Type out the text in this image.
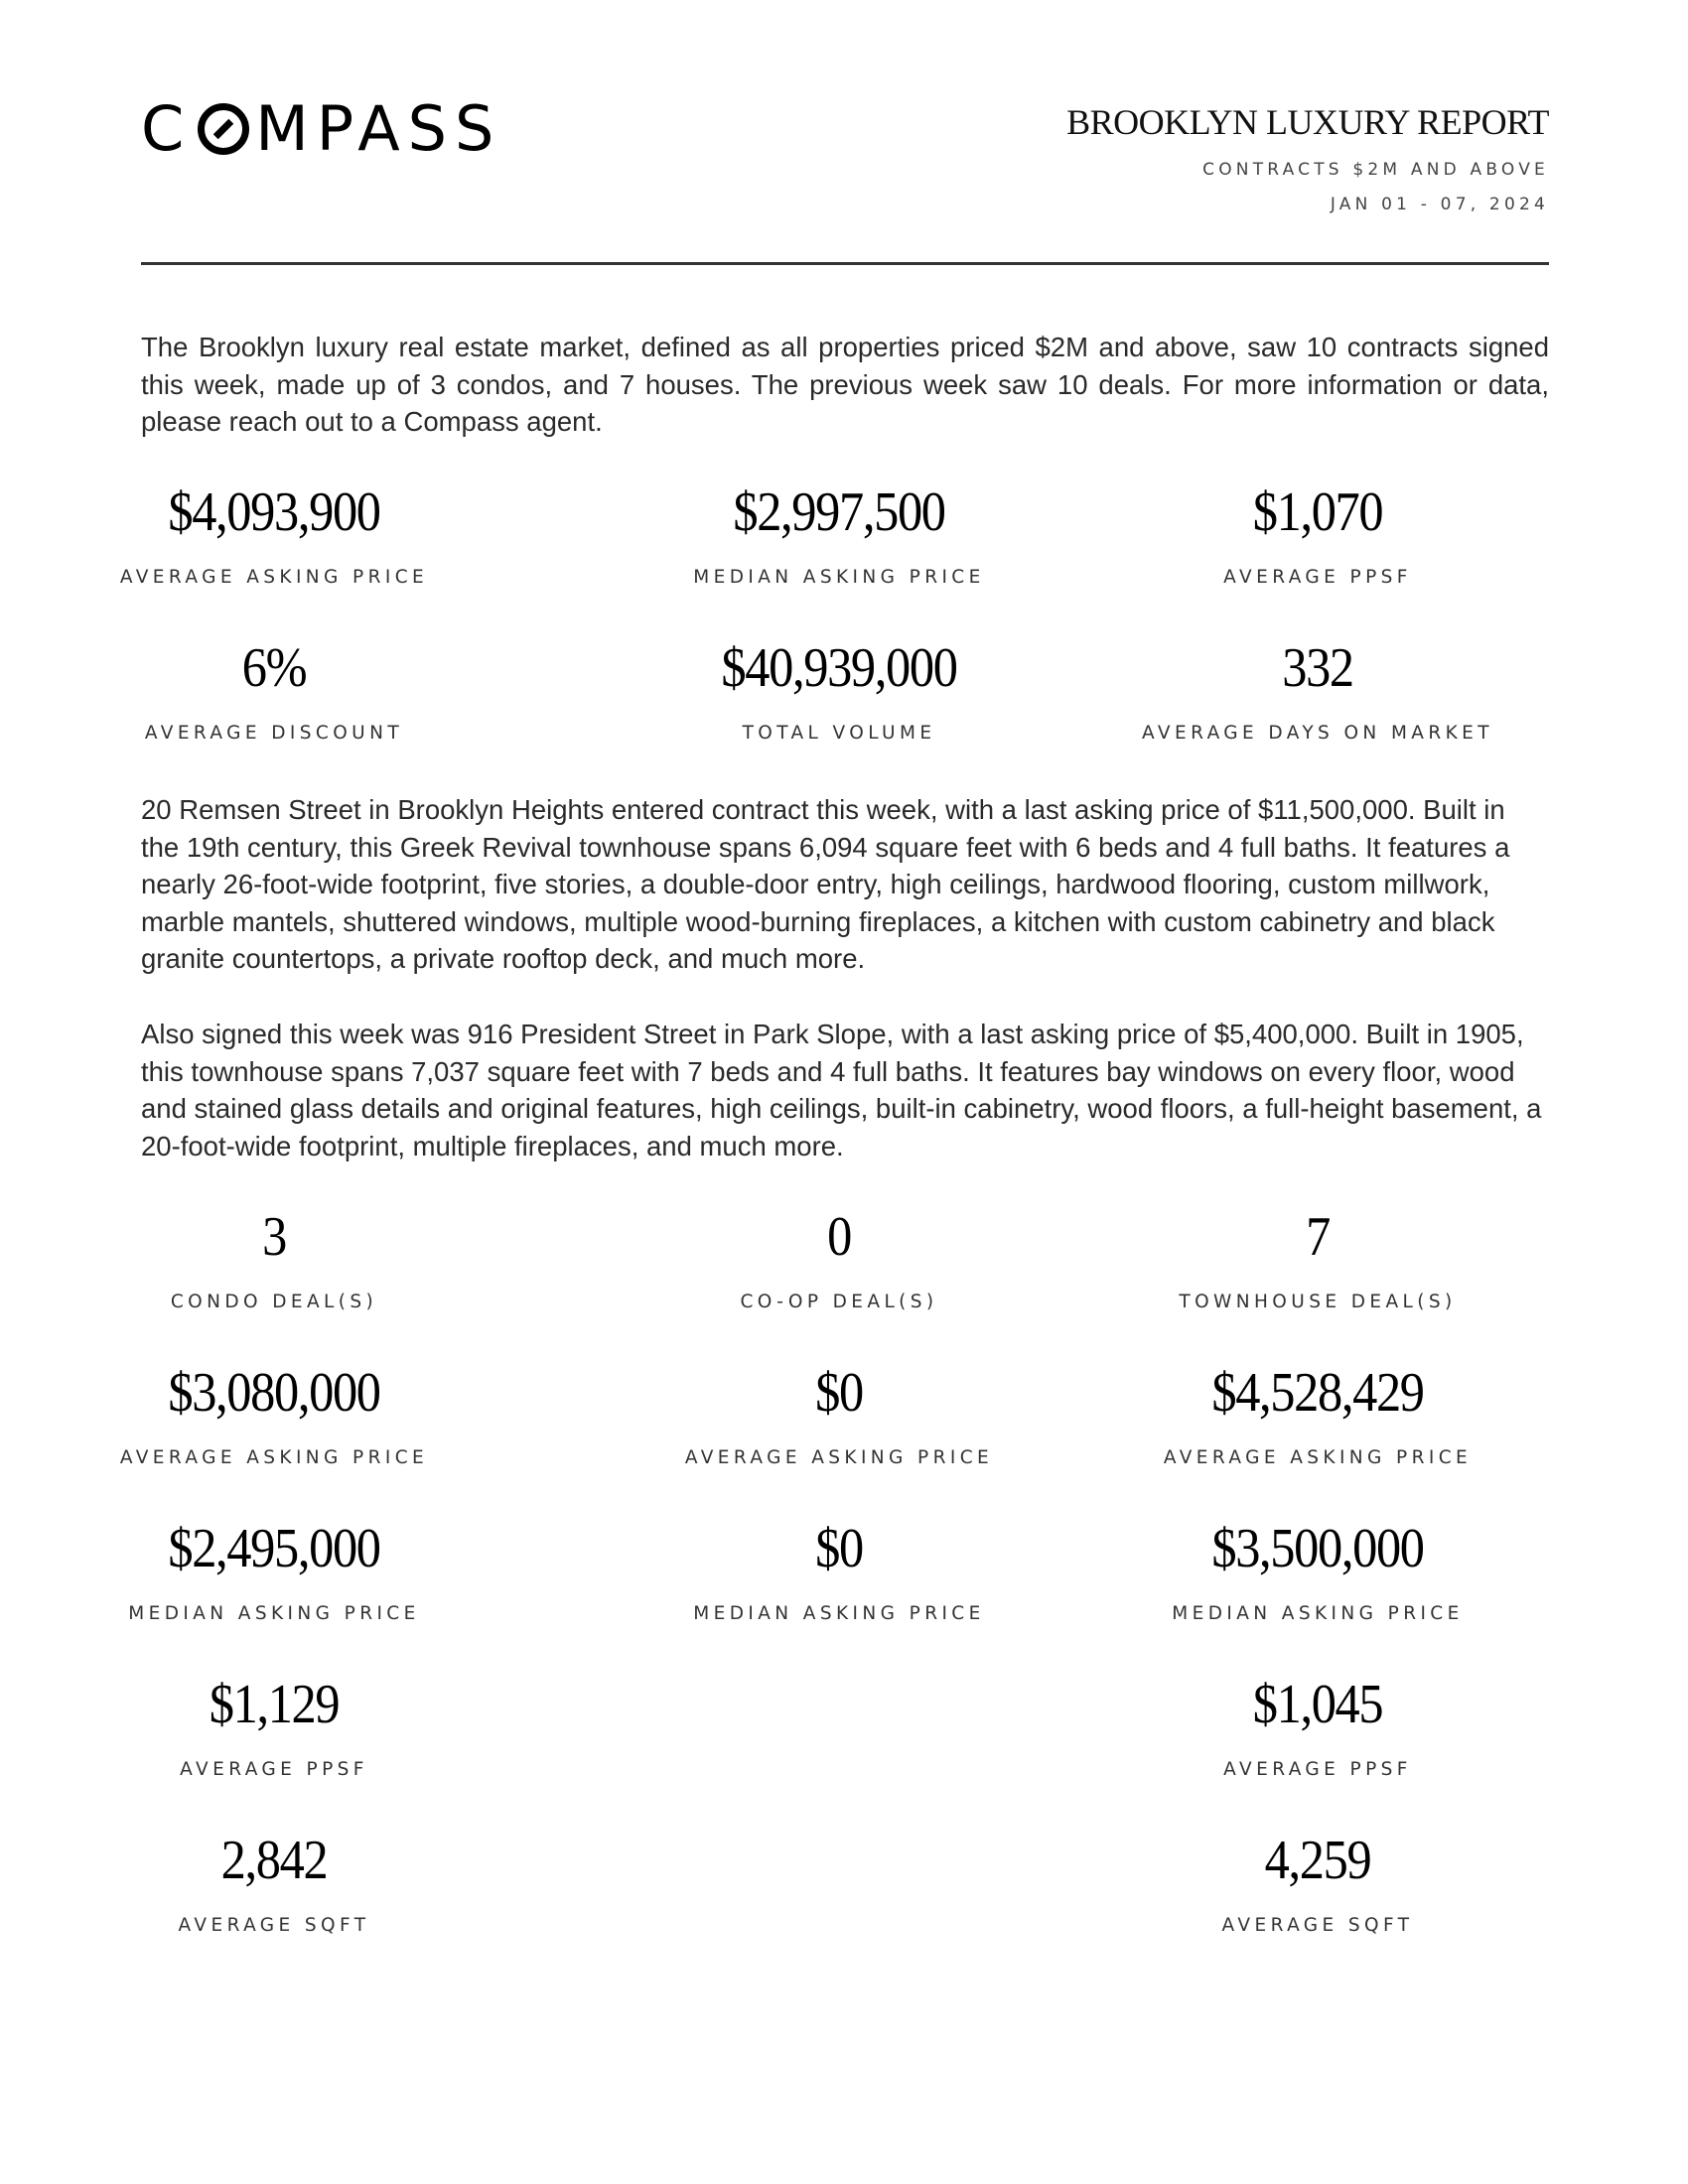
C MPASS	BROOKLYN LUXURY REPORT
CONTRACTS $2M AND ABOVE
JAN 01 - 07, 2024

The Brooklyn luxury real estate market, defined as all properties priced $2M and above, saw 10 contracts signed this week, made up of 3 condos, and 7 houses. The previous week saw 10 deals. For more information or data, please reach out to a Compass agent.

$4,093,900
AVERAGE ASKING PRICE
$2,997,500
MEDIAN ASKING PRICE
$1,070
AVERAGE PPSF
6%
AVERAGE DISCOUNT
$40,939,000
TOTAL VOLUME
332
AVERAGE DAYS ON MARKET

20 Remsen Street in Brooklyn Heights entered contract this week, with a last asking price of $11,500,000. Built in the 19th century, this Greek Revival townhouse spans 6,094 square feet with 6 beds and 4 full baths. It features a nearly 26-foot-wide footprint, five stories, a double-door entry, high ceilings, hardwood flooring, custom millwork, marble mantels, shuttered windows, multiple wood-burning fireplaces, a kitchen with custom cabinetry and black granite countertops, a private rooftop deck, and much more.

Also signed this week was 916 President Street in Park Slope, with a last asking price of $5,400,000. Built in 1905, this townhouse spans 7,037 square feet with 7 beds and 4 full baths. It features bay windows on every floor, wood and stained glass details and original features, high ceilings, built-in cabinetry, wood floors, a full-height basement, a 20-foot-wide footprint, multiple fireplaces, and much more.

3
CONDO DEAL(S)
0
CO-OP DEAL(S)
7
TOWNHOUSE DEAL(S)
$3,080,000
AVERAGE ASKING PRICE
$0
AVERAGE ASKING PRICE
$4,528,429
AVERAGE ASKING PRICE
$2,495,000
MEDIAN ASKING PRICE
$0
MEDIAN ASKING PRICE
$3,500,000
MEDIAN ASKING PRICE
$1,129
AVERAGE PPSF
$1,045
AVERAGE PPSF
2,842
AVERAGE SQFT
4,259
AVERAGE SQFT
